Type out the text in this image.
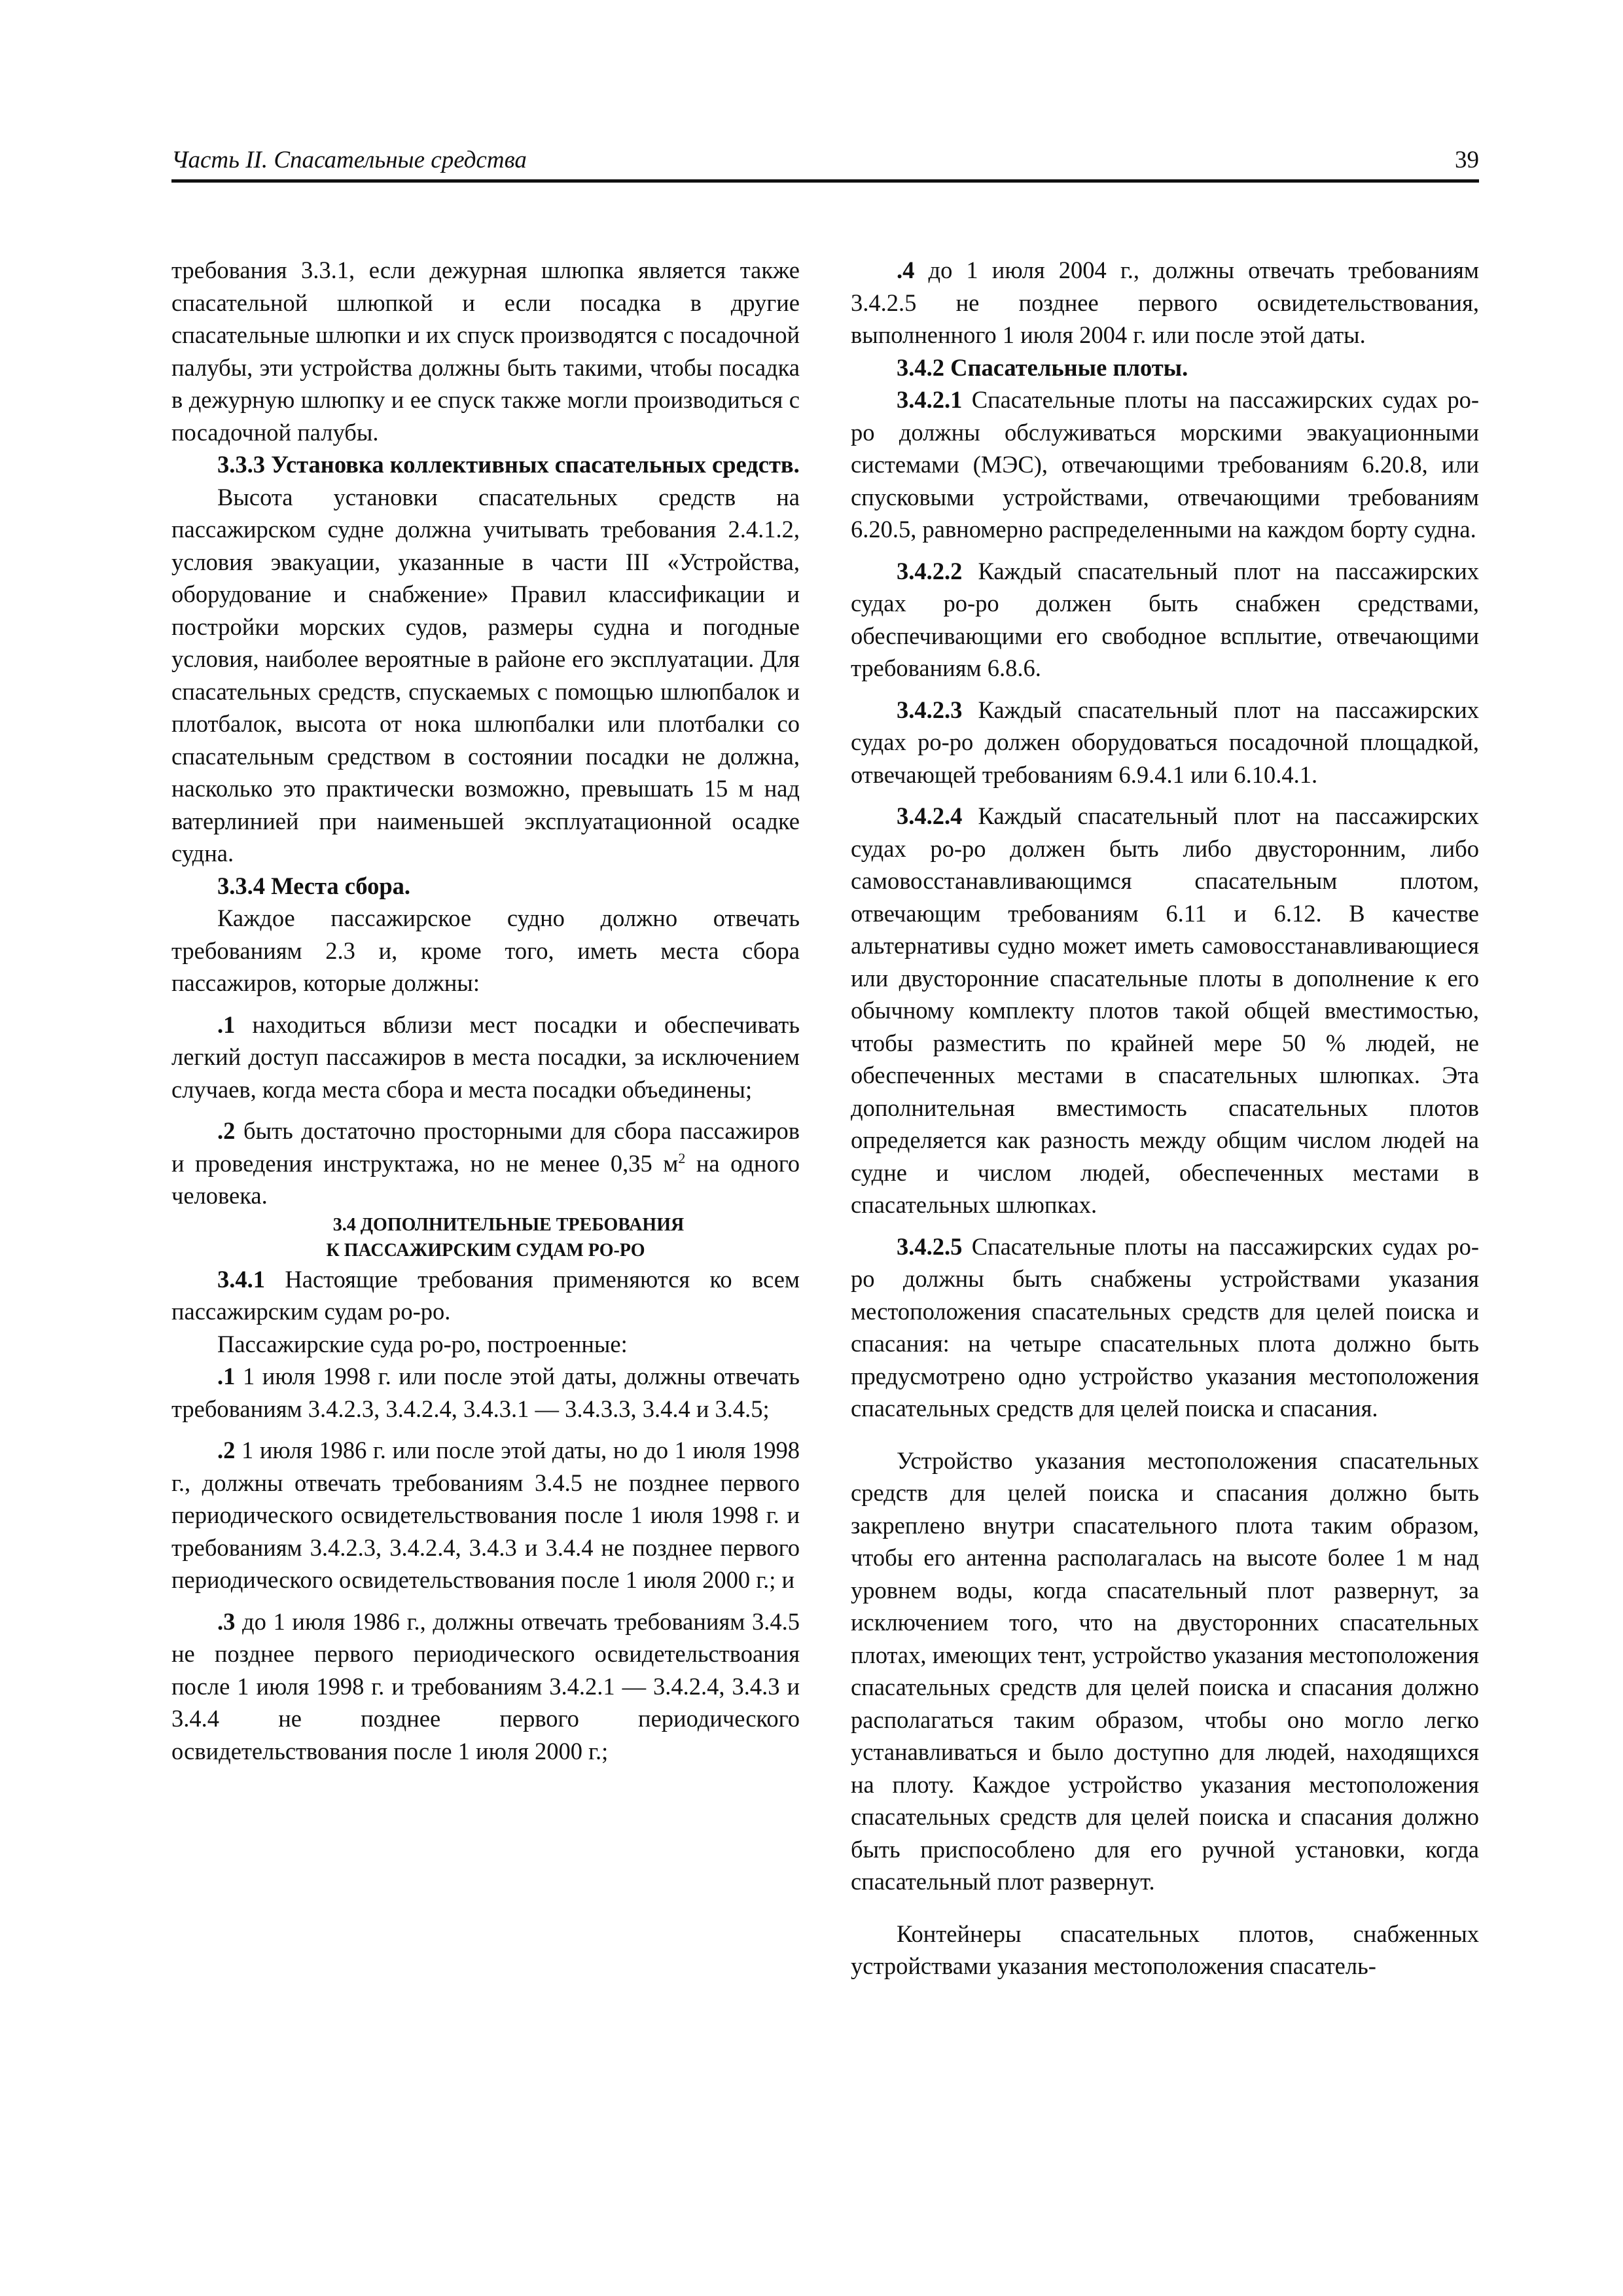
Часть II. Спасательные средства	39

требования 3.3.1, если дежурная шлюпка является также спасательной шлюпкой и если посадка в другие спасательные шлюпки и их спуск производятся с посадочной палубы, эти устройства должны быть такими, чтобы посадка в дежурную шлюпку и ее спуск также могли производиться с посадочной палубы.

3.3.3 Установка коллективных спасательных средств.

Высота установки спасательных средств на пассажирском судне должна учитывать требования 2.4.1.2, условия эвакуации, указанные в части III «Устройства, оборудование и снабжение» Правил классификации и постройки морских судов, размеры судна и погодные условия, наиболее вероятные в районе его эксплуатации. Для спасательных средств, спускаемых с помощью шлюпбалок и плотбалок, высота от нока шлюпбалки или плотбалки со спасательным средством в состоянии посадки не должна, насколько это практически возможно, превышать 15 м над ватерлинией при наименьшей эксплуатационной осадке судна.

3.3.4 Места сбора.

Каждое пассажирское судно должно отвечать требованиям 2.3 и, кроме того, иметь места сбора пассажиров, которые должны:

.1 находиться вблизи мест посадки и обеспечивать легкий доступ пассажиров в места посадки, за исключением случаев, когда места сбора и места посадки объединены;

.2 быть достаточно просторными для сбора пассажиров и проведения инструктажа, но не менее 0,35 $м^2$ на одного человека.

3.4 ДОПОЛНИТЕЛЬНЫЕ ТРЕБОВАНИЯ
К ПАССАЖИРСКИМ СУДАМ РО-РО

3.4.1 Настоящие требования применяются ко всем пассажирским судам ро-ро.

Пассажирские суда ро-ро, построенные:

.1 1 июля 1998 г. или после этой даты, должны отвечать требованиям 3.4.2.3, 3.4.2.4, 3.4.3.1 — 3.4.3.3, 3.4.4 и 3.4.5;

.2 1 июля 1986 г. или после этой даты, но до 1 июля 1998 г., должны отвечать требованиям 3.4.5 не позднее первого периодического освидетельствования после 1 июля 1998 г. и требованиям 3.4.2.3, 3.4.2.4, 3.4.3 и 3.4.4 не позднее первого периодического освидетельствования после 1 июля 2000 г.; и

.3 до 1 июля 1986 г., должны отвечать требованиям 3.4.5 не позднее первого периодического освидетельствоания после 1 июля 1998 г. и требованиям 3.4.2.1 — 3.4.2.4, 3.4.3 и 3.4.4 не позднее первого периодического освидетельствования после 1 июля 2000 г.;

.4 до 1 июля 2004 г., должны отвечать требованиям 3.4.2.5 не позднее первого освидетельствования, выполненного 1 июля 2004 г. или после этой даты.

3.4.2 Спасательные плоты.

3.4.2.1 Спасательные плоты на пассажирских судах ро-ро должны обслуживаться морскими эвакуационными системами (МЭС), отвечающими требованиям 6.20.8, или спусковыми устройствами, отвечающими требованиям 6.20.5, равномерно распределенными на каждом борту судна.

3.4.2.2 Каждый спасательный плот на пассажирских судах ро-ро должен быть снабжен средствами, обеспечивающими его свободное всплытие, отвечающими требованиям 6.8.6.

3.4.2.3 Каждый спасательный плот на пассажирских судах ро-ро должен оборудоваться посадочной площадкой, отвечающей требованиям 6.9.4.1 или 6.10.4.1.

3.4.2.4 Каждый спасательный плот на пассажирских судах ро-ро должен быть либо двусторонним, либо самовосстанавливающимся спасательным плотом, отвечающим требованиям 6.11 и 6.12. В качестве альтернативы судно может иметь самовосстанавливающиеся или двусторонние спасательные плоты в дополнение к его обычному комплекту плотов такой общей вместимостью, чтобы разместить по крайней мере 50 % людей, не обеспеченных местами в спасательных шлюпках. Эта дополнительная вместимость спасательных плотов определяется как разность между общим числом людей на судне и числом людей, обеспеченных местами в спасательных шлюпках.

3.4.2.5 Спасательные плоты на пассажирских судах ро-ро должны быть снабжены устройствами указания местоположения спасательных средств для целей поиска и спасания: на четыре спасательных плота должно быть предусмотрено одно устройство указания местоположения спасательных средств для целей поиска и спасания.

Устройство указания местоположения спасательных средств для целей поиска и спасания должно быть закреплено внутри спасательного плота таким образом, чтобы его антенна располагалась на высоте более 1 м над уровнем воды, когда спасательный плот развернут, за исключением того, что на двусторонних спасательных плотах, имеющих тент, устройство указания местоположения спасательных средств для целей поиска и спасания должно располагаться таким образом, чтобы оно могло легко устанавливаться и было доступно для людей, находящихся на плоту. Каждое устройство указания местоположения спасательных средств для целей поиска и спасания должно быть приспособлено для его ручной установки, когда спасательный плот развернут.

Контейнеры спасательных плотов, снабженных устройствами указания местоположения спасатель-
